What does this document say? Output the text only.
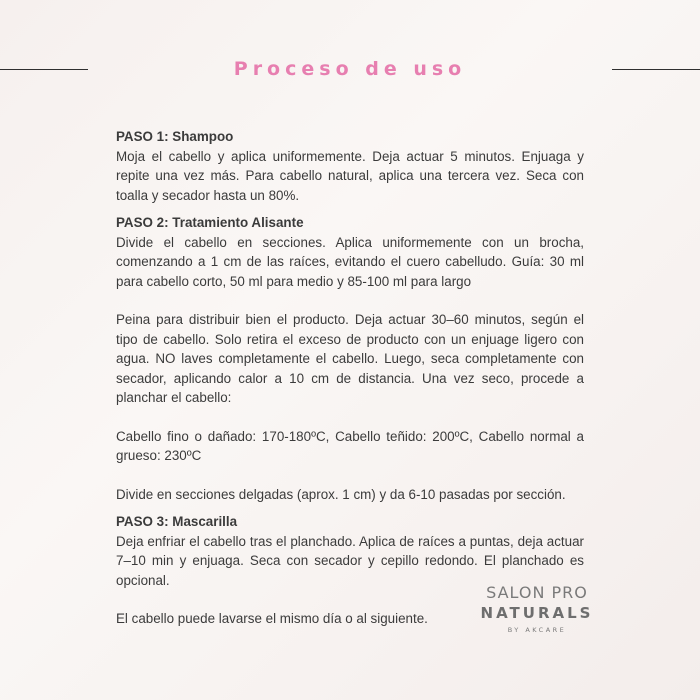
Proceso de uso

PASO 1: Shampoo

Moja el cabello y aplica uniformemente. Deja actuar 5 minutos. Enjuaga y repite una vez más. Para cabello natural, aplica una tercera vez. Seca con toalla y secador hasta un 80%.

PASO 2: Tratamiento Alisante

Divide el cabello en secciones. Aplica uniformemente con un brocha, comenzando a 1 cm de las raíces, evitando el cuero cabelludo. Guía: 30 ml para cabello corto, 50 ml para medio y 85-100 ml para largo

Peina para distribuir bien el producto. Deja actuar 30–60 minutos, según el tipo de cabello. Solo retira el exceso de producto con un enjuage ligero con agua. NO laves completamente el cabello. Luego, seca completamente con secador, aplicando calor a 10 cm de distancia. Una vez seco, procede a planchar el cabello:

Cabello fino o dañado: 170-180ºC, Cabello teñido: 200ºC, Cabello normal a grueso: 230ºC

Divide en secciones delgadas (aprox. 1 cm) y da 6-10 pasadas por sección.

PASO 3: Mascarilla

Deja enfriar el cabello tras el planchado. Aplica de raíces a puntas, deja actuar 7–10 min y enjuaga. Seca con secador y cepillo redondo. El planchado es opcional.

El cabello puede lavarse el mismo día o al siguiente.

SALON PRO
NATURALS
BY AKCARE
